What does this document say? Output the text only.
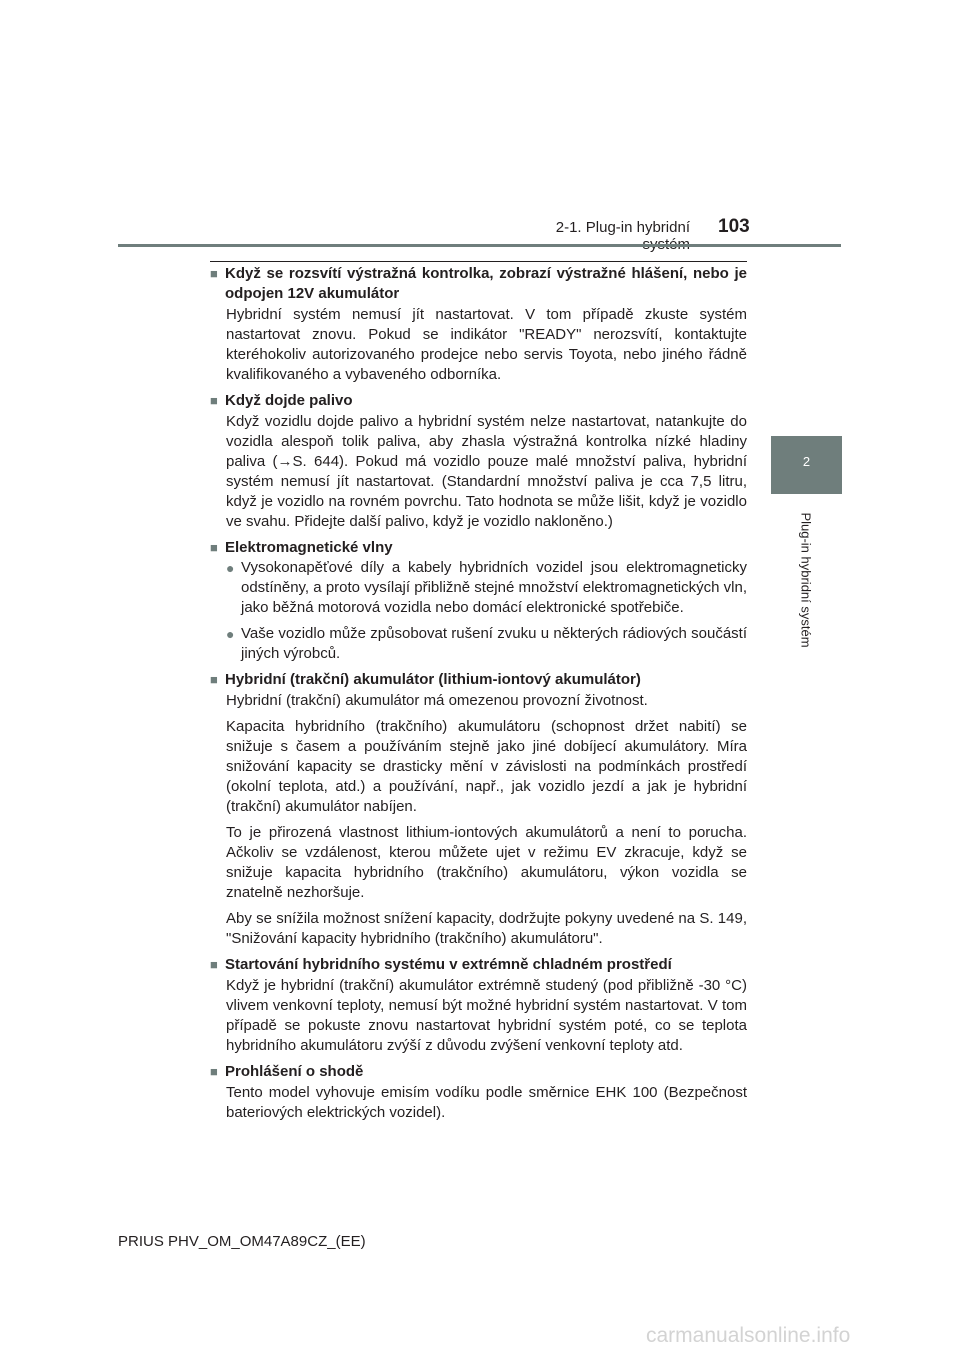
2-1. Plug-in hybridní 103
2
Plug-in hybridní systém
■ Když se rozsvítí výstražná kontrolka, zobrazí výstražné hlášení, nebo je odpojen 12V akumulátor
Hybridní systém nemusí jít nastartovat. V tom případě zkuste systém nastartovat znovu. Pokud se indikátor "READY" nerozsvítí, kontaktujte kteréhokoliv autorizovaného prodejce nebo servis Toyota, nebo jiného řádně kvalifikovaného a vybaveného odborníka.
■ Když dojde palivo
Když vozidlu dojde palivo a hybridní systém nelze nastartovat, natankujte do vozidla alespoň tolik paliva, aby zhasla výstražná kontrolka nízké hladiny paliva (→S. 644). Pokud má vozidlo pouze malé množství paliva, hybridní systém nemusí jít nastartovat. (Standardní množství paliva je cca 7,5 litru, když je vozidlo na rovném povrchu. Tato hodnota se může lišit, když je vozidlo ve svahu. Přidejte další palivo, když je vozidlo nakloněno.)
■ Elektromagnetické vlny
● Vysokonapěťové díly a kabely hybridních vozidel jsou elektromagneticky odstíněny, a proto vysílají přibližně stejné množství elektromagnetických vln, jako běžná motorová vozidla nebo domácí elektronické spotřebiče.
● Vaše vozidlo může způsobovat rušení zvuku u některých rádiových součástí jiných výrobců.
■ Hybridní (trakční) akumulátor (lithium-iontový akumulátor)
Hybridní (trakční) akumulátor má omezenou provozní životnost.
Kapacita hybridního (trakčního) akumulátoru (schopnost držet nabití) se snižuje s časem a používáním stejně jako jiné dobíjecí akumulátory. Míra snižování kapacity se drasticky mění v závislosti na podmínkách prostředí (okolní teplota, atd.) a používání, např., jak vozidlo jezdí a jak je hybridní (trakční) akumulátor nabíjen.
To je přirozená vlastnost lithium-iontových akumulátorů a není to porucha. Ačkoliv se vzdálenost, kterou můžete ujet v režimu EV zkracuje, když se snižuje kapacita hybridního (trakčního) akumulátoru, výkon vozidla se znatelně nezhoršuje.
Aby se snížila možnost snížení kapacity, dodržujte pokyny uvedené na S. 149, "Snižování kapacity hybridního (trakčního) akumulátoru".
■ Startování hybridního systému v extrémně chladném prostředí
Když je hybridní (trakční) akumulátor extrémně studený (pod přibližně -30 °C) vlivem venkovní teploty, nemusí být možné hybridní systém nastartovat. V tom případě se pokuste znovu nastartovat hybridní systém poté, co se teplota hybridního akumulátoru zvýší z důvodu zvýšení venkovní teploty atd.
■ Prohlášení o shodě
Tento model vyhovuje emisím vodíku podle směrnice EHK 100 (Bezpečnost bateriových elektrických vozidel).
PRIUS PHV_OM_OM47A89CZ_(EE)
carmanualsonline.info
